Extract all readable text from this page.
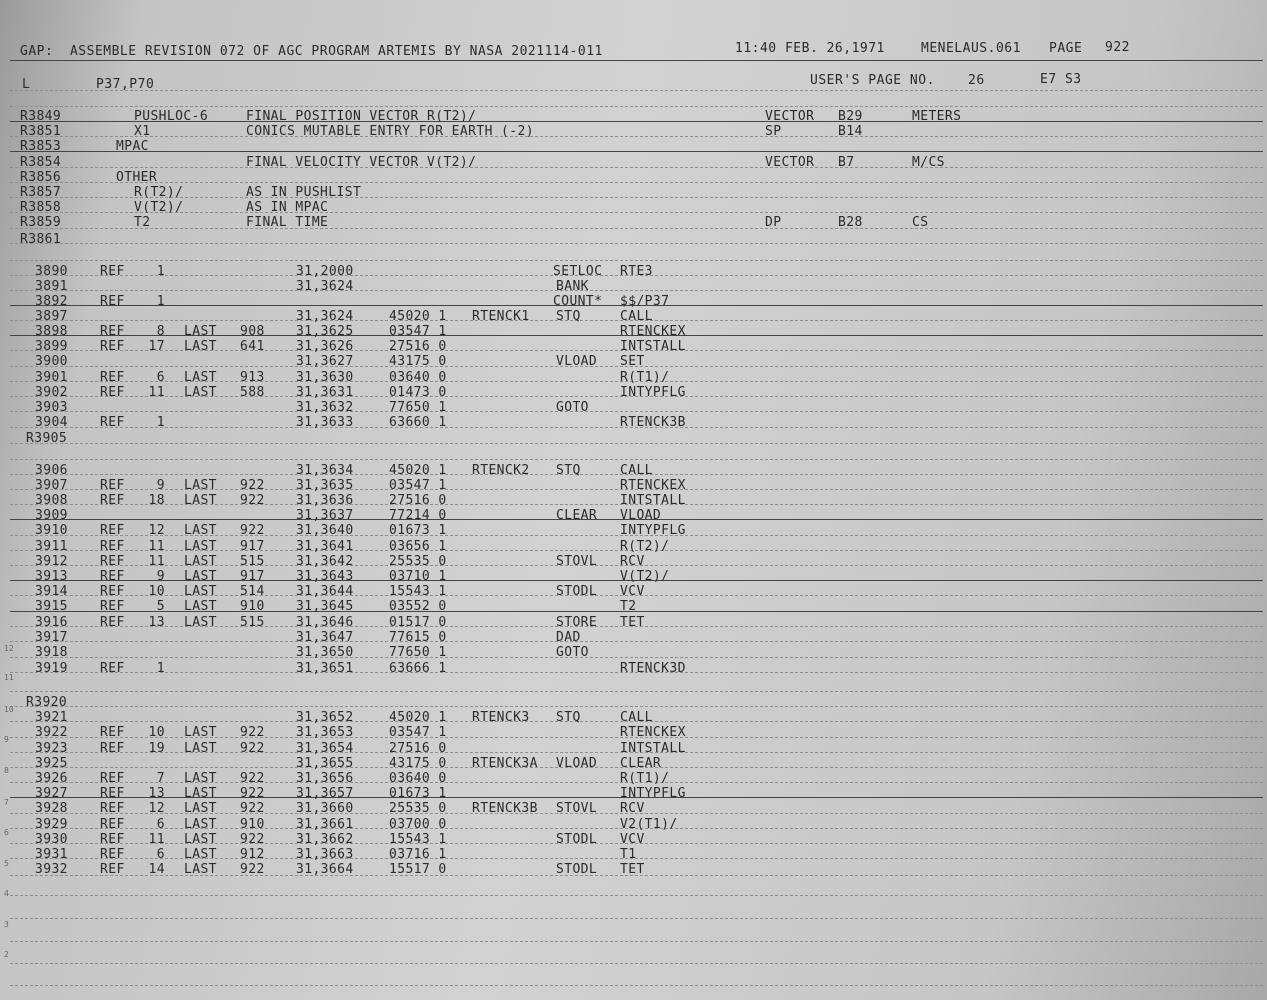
GAP:  ASSEMBLE REVISION 072 OF AGC PROGRAM ARTEMIS BY NASA 2021114-011	11:40 FEB. 26,1971	MENELAUS.061 PAGE 922
L	P37,P70	USER'S PAGE NO.	26	E7 S3
R3849	PUSHLOC-6	FINAL POSITION VECTOR R(T2)/	VECTOR B29	METERS
R3851	X1	CONICS MUTABLE ENTRY FOR EARTH (-2)	SP	B14
R3853	MPAC
R3854	FINAL VELOCITY VECTOR V(T2)/	VECTOR B7	M/CS
R3856	OTHER
R3857	R(T2)/	AS IN PUSHLIST
R3858	V(T2)/	AS IN MPAC
R3859	T2	FINAL TIME	DP	B28	CS
R3861
3890 REF 1	31,2000	SETLOC RTE3
3891	31,3624	BANK
3892 REF 1	COUNT* $$/P37
3897	31,3624	45020 1 RTENCK1 STQ	CALL
3898 REF 8 LAST 908 31,3625	03547 1	RTENCKEX
3899 REF 17 LAST 641 31,3626	27516 0	INTSTALL
3900	31,3627	43175 0	VLOAD SET
3901 REF 6 LAST 913 31,3630	03640 0	R(T1)/
3902 REF 11 LAST 588 31,3631	01473 0	INTYPFLG
3903	31,3632	77650 1	GOTO
3904 REF 1	31,3633	63660 1	RTENCK3B
R3905
3906	31,3634	45020 1 RTENCK2 STQ	CALL
3907 REF 9 LAST 922 31,3635	03547 1	RTENCKEX
3908 REF 18 LAST 922 31,3636	27516 0	INTSTALL
3909	31,3637	77214 0	CLEAR VLOAD
3910 REF 12 LAST 922 31,3640	01673 1	INTYPFLG
3911 REF 11 LAST 917 31,3641	03656 1	R(T2)/
3912 REF 11 LAST 515 31,3642	25535 0	STOVL RCV
3913 REF 9 LAST 917 31,3643	03710 1	V(T2)/
3914 REF 10 LAST 514 31,3644	15543 1	STODL VCV
3915 REF 5 LAST 910 31,3645	03552 0	T2
3916 REF 13 LAST 515 31,3646	01517 0	STORE TET
3917	31,3647	77615 0	DAD
3918	31,3650	77650 1	GOTO
3919 REF 1	31,3651	63666 1	RTENCK3D
R3920
3921	31,3652	45020 1 RTENCK3 STQ	CALL
3922 REF 10 LAST 922 31,3653	03547 1	RTENCKEX
3923 REF 19 LAST 922 31,3654	27516 0	INTSTALL
3925	31,3655	43175 0 RTENCK3A VLOAD CLEAR
3926 REF 7 LAST 922 31,3656	03640 0	R(T1)/
3927 REF 13 LAST 922 31,3657	01673 1	INTYPFLG
3928 REF 12 LAST 922 31,3660	25535 0 RTENCK3B STOVL RCV
3929 REF 6 LAST 910 31,3661	03700 0	V2(T1)/
3930 REF 11 LAST 922 31,3662	15543 1	STODL VCV
3931 REF 6 LAST 912 31,3663	03716 1	T1
3932 REF 14 LAST 922 31,3664	15517 0	STODL TET
12
11
10
9
8
7
6
5
4
3
2
